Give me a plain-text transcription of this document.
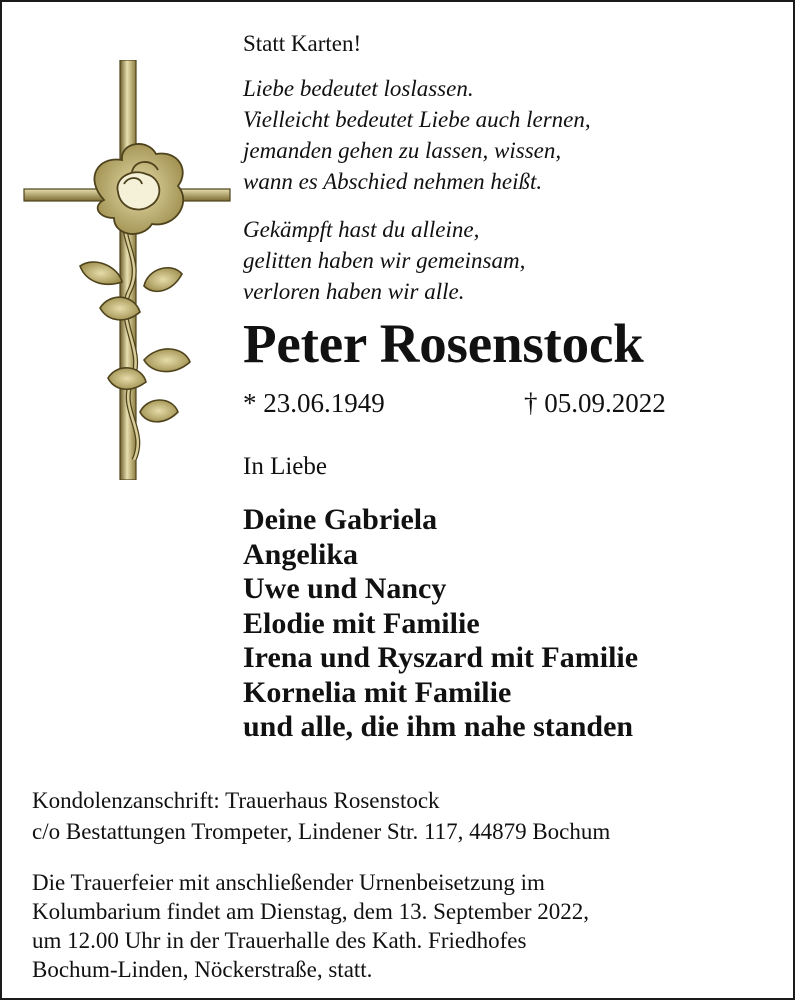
Statt Karten!
Liebe bedeutet loslassen.
Vielleicht bedeutet Liebe auch lernen,
jemanden gehen zu lassen, wissen,
wann es Abschied nehmen heißt.
Gekämpft hast du alleine,
gelitten haben wir gemeinsam,
verloren haben wir alle.
Peter Rosenstock
* 23.06.1949	† 05.09.2022
In Liebe
Deine Gabriela
Angelika
Uwe und Nancy
Elodie mit Familie
Irena und Ryszard mit Familie
Kornelia mit Familie
und alle, die ihm nahe standen
Kondolenzanschrift: Trauerhaus Rosenstock
c/o Bestattungen Trompeter, Lindener Str. 117, 44879 Bochum
Die Trauerfeier mit anschließender Urnenbeisetzung im
Kolumbarium findet am Dienstag, dem 13. September 2022,
um 12.00 Uhr in der Trauerhalle des Kath. Friedhofes
Bochum-Linden, Nöckerstraße, statt.
